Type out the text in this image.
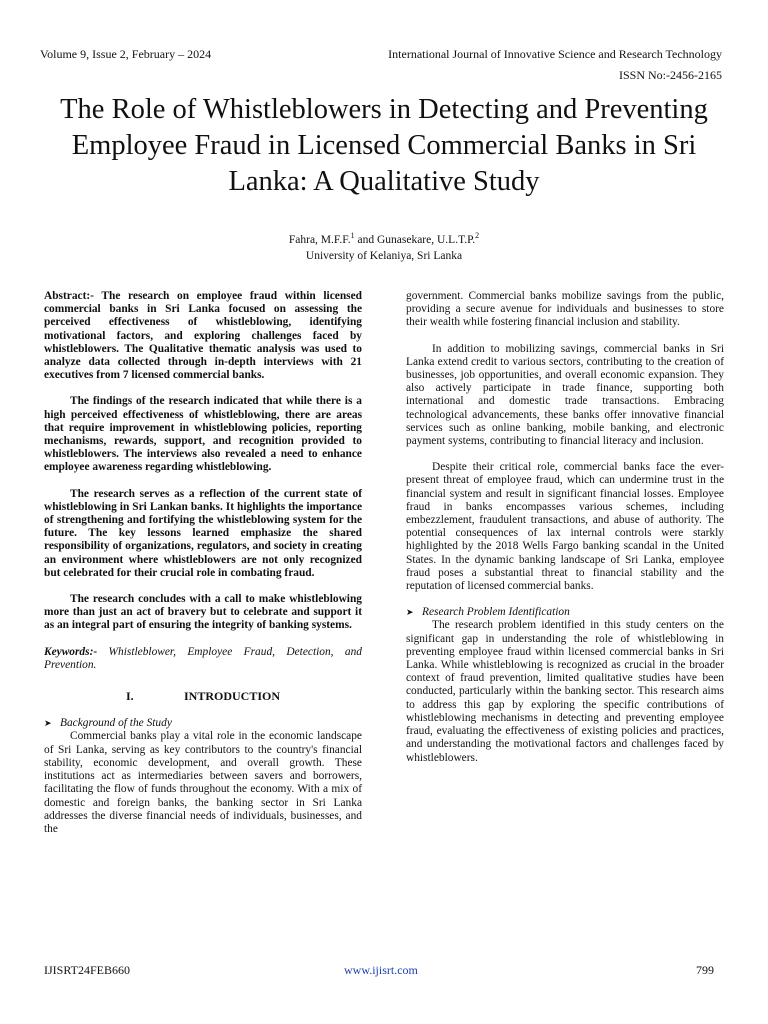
Volume 9, Issue 2, February – 2024	International Journal of Innovative Science and Research Technology
ISSN No:-2456-2165
The Role of Whistleblowers in Detecting and Preventing Employee Fraud in Licensed Commercial Banks in Sri Lanka: A Qualitative Study
Fahra, M.F.F.$^1$ and Gunasekare, U.L.T.P.$^2$
University of Kelaniya, Sri Lanka

Abstract:- The research on employee fraud within licensed commercial banks in Sri Lanka focused on assessing the perceived effectiveness of whistleblowing, identifying motivational factors, and exploring challenges faced by whistleblowers. The Qualitative thematic analysis was used to analyze data collected through in-depth interviews with 21 executives from 7 licensed commercial banks.

The findings of the research indicated that while there is a high perceived effectiveness of whistleblowing, there are areas that require improvement in whistleblowing policies, reporting mechanisms, rewards, support, and recognition provided to whistleblowers. The interviews also revealed a need to enhance employee awareness regarding whistleblowing.

The research serves as a reflection of the current state of whistleblowing in Sri Lankan banks. It highlights the importance of strengthening and fortifying the whistleblowing system for the future. The key lessons learned emphasize the shared responsibility of organizations, regulators, and society in creating an environment where whistleblowers are not only recognized but celebrated for their crucial role in combating fraud.

The research concludes with a call to make whistleblowing more than just an act of bravery but to celebrate and support it as an integral part of ensuring the integrity of banking systems.

Keywords:- Whistleblower, Employee Fraud, Detection, and Prevention.

I.	INTRODUCTION

➤ Background of the Study

Commercial banks play a vital role in the economic landscape of Sri Lanka, serving as key contributors to the country's financial stability, economic development, and overall growth. These institutions act as intermediaries between savers and borrowers, facilitating the flow of funds throughout the economy. With a mix of domestic and foreign banks, the banking sector in Sri Lanka addresses the diverse financial needs of individuals, businesses, and the

government. Commercial banks mobilize savings from the public, providing a secure avenue for individuals and businesses to store their wealth while fostering financial inclusion and stability.

In addition to mobilizing savings, commercial banks in Sri Lanka extend credit to various sectors, contributing to the creation of businesses, job opportunities, and overall economic expansion. They also actively participate in trade finance, supporting both international and domestic trade transactions. Embracing technological advancements, these banks offer innovative financial services such as online banking, mobile banking, and electronic payment systems, contributing to financial literacy and inclusion.

Despite their critical role, commercial banks face the ever-present threat of employee fraud, which can undermine trust in the financial system and result in significant financial losses. Employee fraud in banks encompasses various schemes, including embezzlement, fraudulent transactions, and abuse of authority. The potential consequences of lax internal controls were starkly highlighted by the 2018 Wells Fargo banking scandal in the United States. In the dynamic banking landscape of Sri Lanka, employee fraud poses a substantial threat to financial stability and the reputation of licensed commercial banks.

➤ Research Problem Identification

The research problem identified in this study centers on the significant gap in understanding the role of whistleblowing in preventing employee fraud within licensed commercial banks in Sri Lanka. While whistleblowing is recognized as crucial in the broader context of fraud prevention, limited qualitative studies have been conducted, particularly within the banking sector. This research aims to address this gap by exploring the specific contributions of whistleblowing mechanisms in detecting and preventing employee fraud, evaluating the effectiveness of existing policies and practices, and understanding the motivational factors and challenges faced by whistleblowers.

IJISRT24FEB660	www.ijisrt.com	799
